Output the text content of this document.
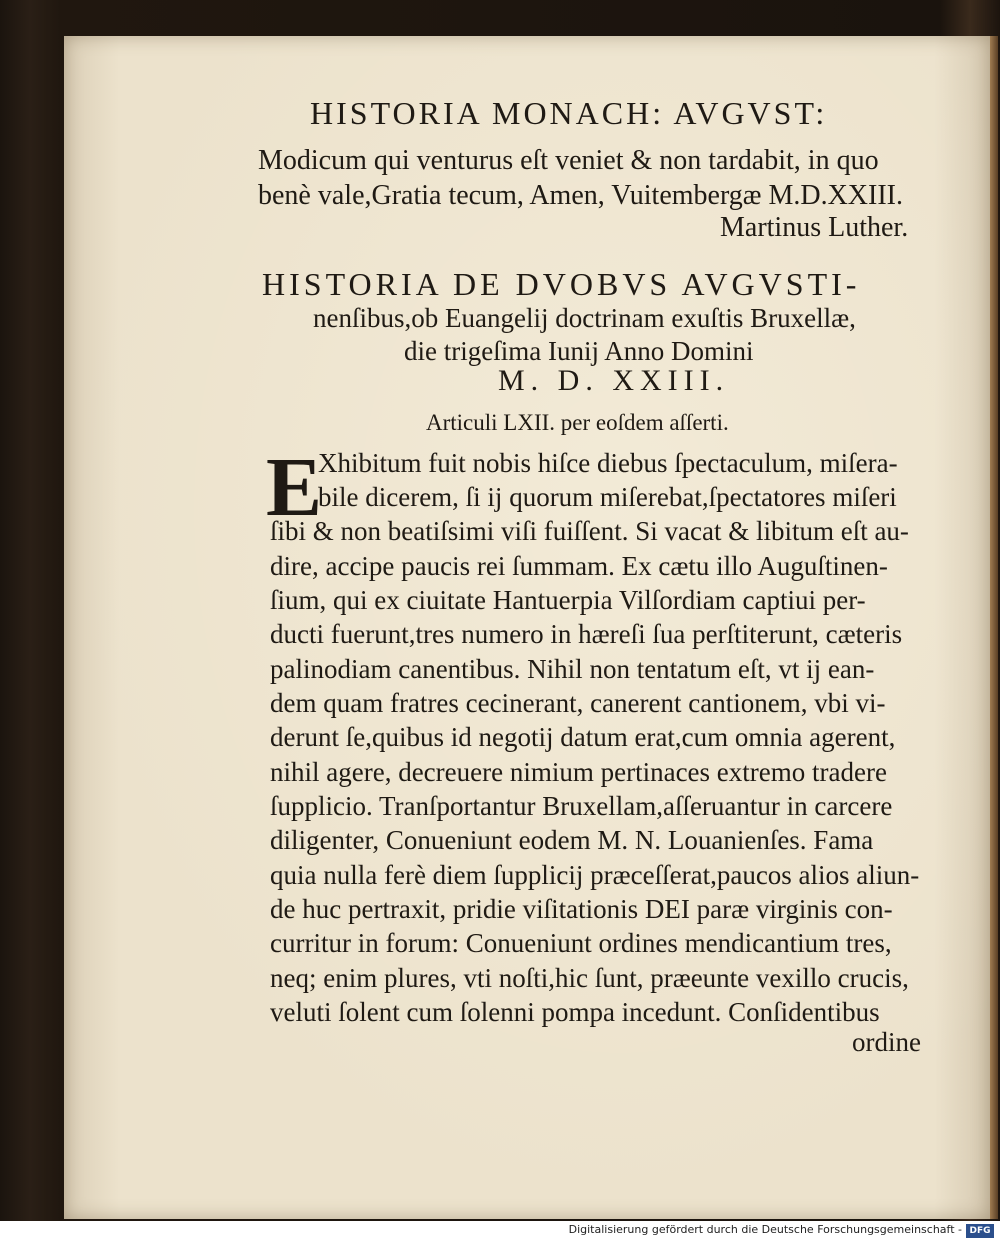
HISTORIA MONACH: AVGVST:
Modicum qui venturus eſt veniet & non tardabit, in quo
benè vale,Gratia tecum, Amen, Vuitembergæ M.D.XXIII.
Martinus Luther.
HISTORIA DE DVOBVS AVGVSTI-
nenſibus,ob Euangelij doctrinam exuſtis Bruxellæ,
die trigeſima Iunij Anno Domini
M. D. XXIII.
Articuli LXII. per eoſdem aſſerti.
E
Xhibitum fuit nobis hiſce diebus ſpectaculum, miſera-
bile dicerem, ſi ij quorum miſerebat,ſpectatores miſeri
ſibi & non beatiſsimi viſi fuiſſent. Si vacat & libitum eſt au-
dire, accipe paucis rei ſummam. Ex cætu illo Auguſtinen-
ſium, qui ex ciuitate Hantuerpia Vilſordiam captiui per-
ducti fuerunt,tres numero in hæreſi ſua perſtiterunt, cæteris
palinodiam canentibus. Nihil non tentatum eſt, vt ij ean-
dem quam fratres cecinerant, canerent cantionem, vbi vi-
derunt ſe,quibus id negotij datum erat,cum omnia agerent,
nihil agere, decreuere nimium pertinaces extremo tradere
ſupplicio. Tranſportantur Bruxellam,aſſeruantur in carcere
diligenter, Conueniunt eodem M. N. Louanienſes. Fama
quia nulla ferè diem ſupplicij præceſſerat,paucos alios aliun-
de huc pertraxit, pridie viſitationis DEI paræ virginis con-
curritur in forum: Conueniunt ordines mendicantium tres,
neq; enim plures, vti noſti,hic ſunt, præeunte vexillo crucis,
veluti ſolent cum ſolenni pompa incedunt. Conſidentibus
ordine
Digitalisierung gefördert durch die Deutsche Forschungsgemeinschaft - DFG
